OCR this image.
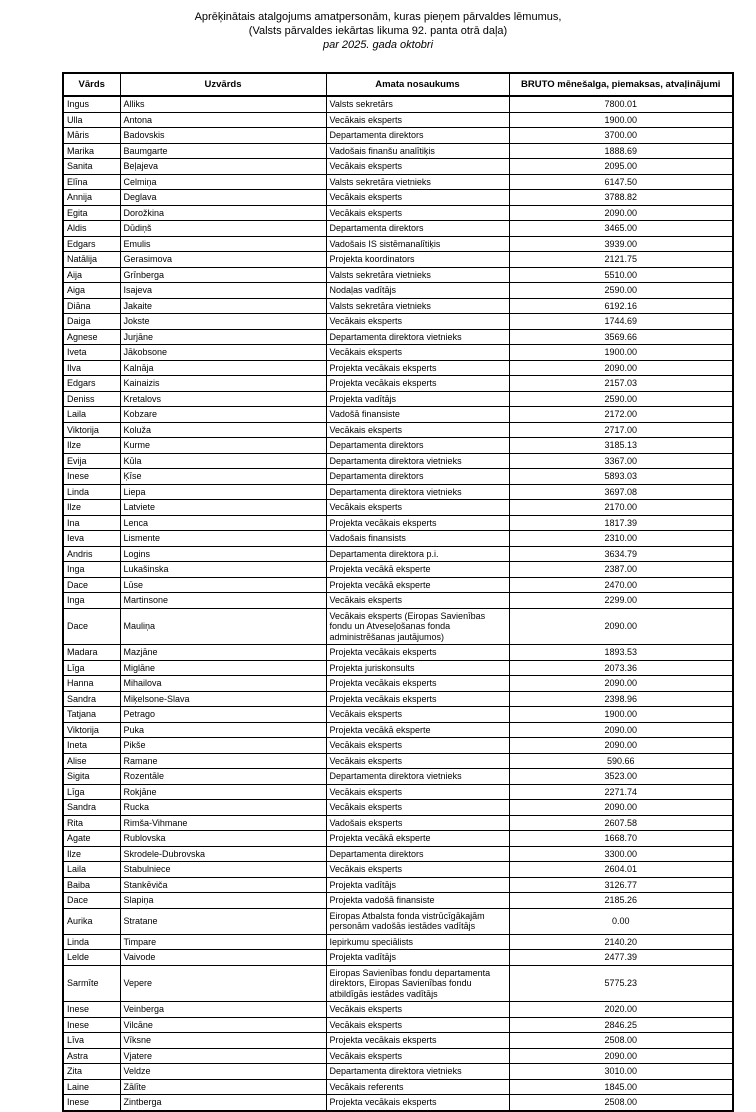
Aprēķinātais atalgojums amatpersonām, kuras pieņem pārvaldes lēmumus,
(Valsts pārvaldes iekārtas likuma 92. panta otrā daļa)
par 2025. gada oktobri
Vārds	Uzvārds	Amata nosaukums	BRUTO mēnešalga, piemaksas, atvaļinājumi
Ingus	Alliks	Valsts sekretārs	7800.01
Ulla	Antona	Vecākais eksperts	1900.00
Māris	Badovskis	Departamenta direktors	3700.00
Marika	Baumgarte	Vadošais finanšu analītiķis	1888.69
Sanita	Beļajeva	Vecākais eksperts	2095.00
Elīna	Celmiņa	Valsts sekretāra vietnieks	6147.50
Annija	Deglava	Vecākais eksperts	3788.82
Egita	Dorožkina	Vecākais eksperts	2090.00
Aldis	Dūdiņš	Departamenta direktors	3465.00
Edgars	Emulis	Vadošais IS sistēmanalītiķis	3939.00
Natālija	Gerasimova	Projekta koordinators	2121.75
Aija	Grīnberga	Valsts sekretāra vietnieks	5510.00
Aiga	Isajeva	Nodaļas vadītājs	2590.00
Diāna	Jakaite	Valsts sekretāra vietnieks	6192.16
Daiga	Jokste	Vecākais eksperts	1744.69
Agnese	Jurjāne	Departamenta direktora vietnieks	3569.66
Iveta	Jākobsone	Vecākais eksperts	1900.00
Ilva	Kalnāja	Projekta vecākais eksperts	2090.00
Edgars	Kainaizis	Projekta vecākais eksperts	2157.03
Deniss	Kretalovs	Projekta vadītājs	2590.00
Laila	Kobzare	Vadošā finansiste	2172.00
Viktorija	Koluža	Vecākais eksperts	2717.00
Ilze	Kurme	Departamenta direktors	3185.13
Evija	Kūla	Departamenta direktora vietnieks	3367.00
Inese	Ķīse	Departamenta direktors	5893.03
Linda	Liepa	Departamenta direktora vietnieks	3697.08
Ilze	Latviete	Vecākais eksperts	2170.00
Ina	Lenca	Projekta vecākais eksperts	1817.39
Ieva	Lismente	Vadošais finansists	2310.00
Andris	Logins	Departamenta direktora p.i.	3634.79
Inga	Lukašinska	Projekta vecākā eksperte	2387.00
Dace	Lūse	Projekta vecākā eksperte	2470.00
Inga	Martinsone	Vecākais eksperts	2299.00
Dace	Mauliņa	Vecākais eksperts (Eiropas Savienības fondu un Atveseļošanas fonda administrēšanas jautājumos)	2090.00
Madara	Mazjāne	Projekta vecākais eksperts	1893.53
Līga	Miglāne	Projekta juriskonsults	2073.36
Hanna	Mihailova	Projekta vecākais eksperts	2090.00
Sandra	Miķelsone-Slava	Projekta vecākais eksperts	2398.96
Tatjana	Petrago	Vecākais eksperts	1900.00
Viktorija	Puka	Projekta vecākā eksperte	2090.00
Ineta	Pikše	Vecākais eksperts	2090.00
Alise	Ramane	Vecākais eksperts	590.66
Sigita	Rozentāle	Departamenta direktora vietnieks	3523.00
Līga	Rokjāne	Vecākais eksperts	2271.74
Sandra	Rucka	Vecākais eksperts	2090.00
Rita	Rimša-Vihmane	Vadošais eksperts	2607.58
Agate	Rublovska	Projekta vecākā eksperte	1668.70
Ilze	Skrodele-Dubrovska	Departamenta direktors	3300.00
Laila	Stabulniece	Vecākais eksperts	2604.01
Baiba	Stankēviča	Projekta vadītājs	3126.77
Dace	Slapiņa	Projekta vadošā finansiste	2185.26
Aurika	Stratane	Eiropas Atbalsta fonda vistrūcīgākajām personām vadošās iestādes vadītājs	0.00
Linda	Timpare	Iepirkumu speciālists	2140.20
Lelde	Vaivode	Projekta vadītājs	2477.39
Sarmīte	Vepere	Eiropas Savienības fondu departamenta direktors, Eiropas Savienības fondu atbildīgās iestādes vadītājs	5775.23
Inese	Veinberga	Vecākais eksperts	2020.00
Inese	Vilcāne	Vecākais eksperts	2846.25
Līva	Vīksne	Projekta vecākais eksperts	2508.00
Astra	Vjatere	Vecākais eksperts	2090.00
Zita	Veldze	Departamenta direktora vietnieks	3010.00
Laine	Zālīte	Vecākais referents	1845.00
Inese	Zintberga	Projekta vecākais eksperts	2508.00
